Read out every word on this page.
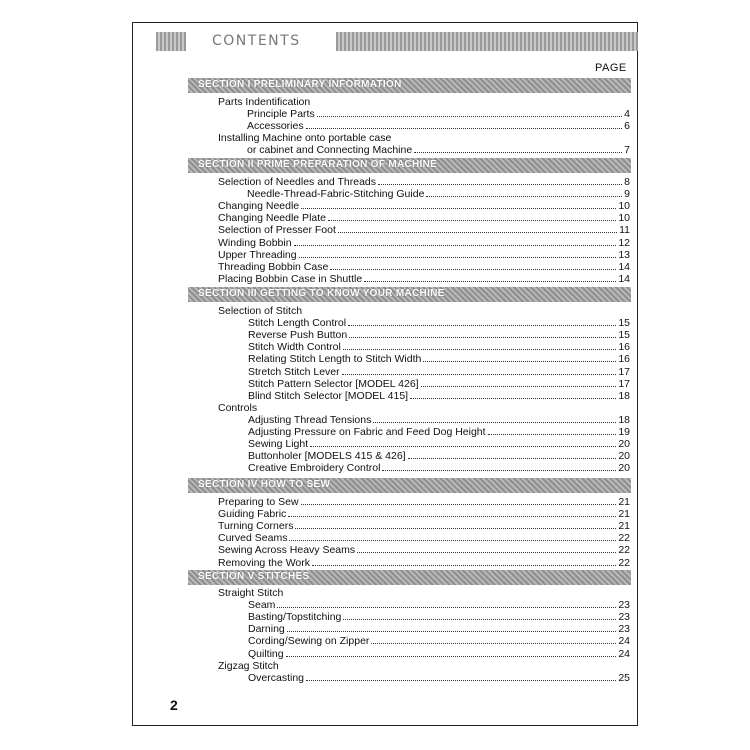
CONTENTS
PAGE
SECTION I PRELIMINARY INFORMATION
Parts Indentification
Principle Parts	4
Accessories	6
Installing Machine onto portable case
or cabinet and Connecting Machine	7
SECTION II PRIME PREPARATION OF MACHINE
Selection of Needles and Threads	8
Needle-Thread-Fabric-Stitching Guide	9
Changing Needle	10
Changing Needle Plate	10
Selection of Presser Foot	11
Winding Bobbin	12
Upper Threading	13
Threading Bobbin Case	14
Placing Bobbin Case in Shuttle	14
SECTION III GETTING TO KNOW YOUR MACHINE
Selection of Stitch
Stitch Length Control	15
Reverse Push Button	15
Stitch Width Control	16
Relating Stitch Length to Stitch Width	16
Stretch Stitch Lever	17
Stitch Pattern Selector [MODEL 426]	17
Blind Stitch Selector [MODEL 415]	18
Controls
Adjusting Thread Tensions	18
Adjusting Pressure on Fabric and Feed Dog Height	19
Sewing Light	20
Buttonholer [MODELS 415 & 426]	20
Creative Embroidery Control	20
SECTION IV HOW TO SEW
Preparing to Sew	21
Guiding Fabric	21
Turning Corners	21
Curved Seams	22
Sewing Across Heavy Seams	22
Removing the Work	22
SECTION V STITCHES
Straight Stitch
Seam	23
Basting/Topstitching	23
Darning	23
Cording/Sewing on Zipper	24
Quilting	24
Zigzag Stitch
Overcasting	25
2
